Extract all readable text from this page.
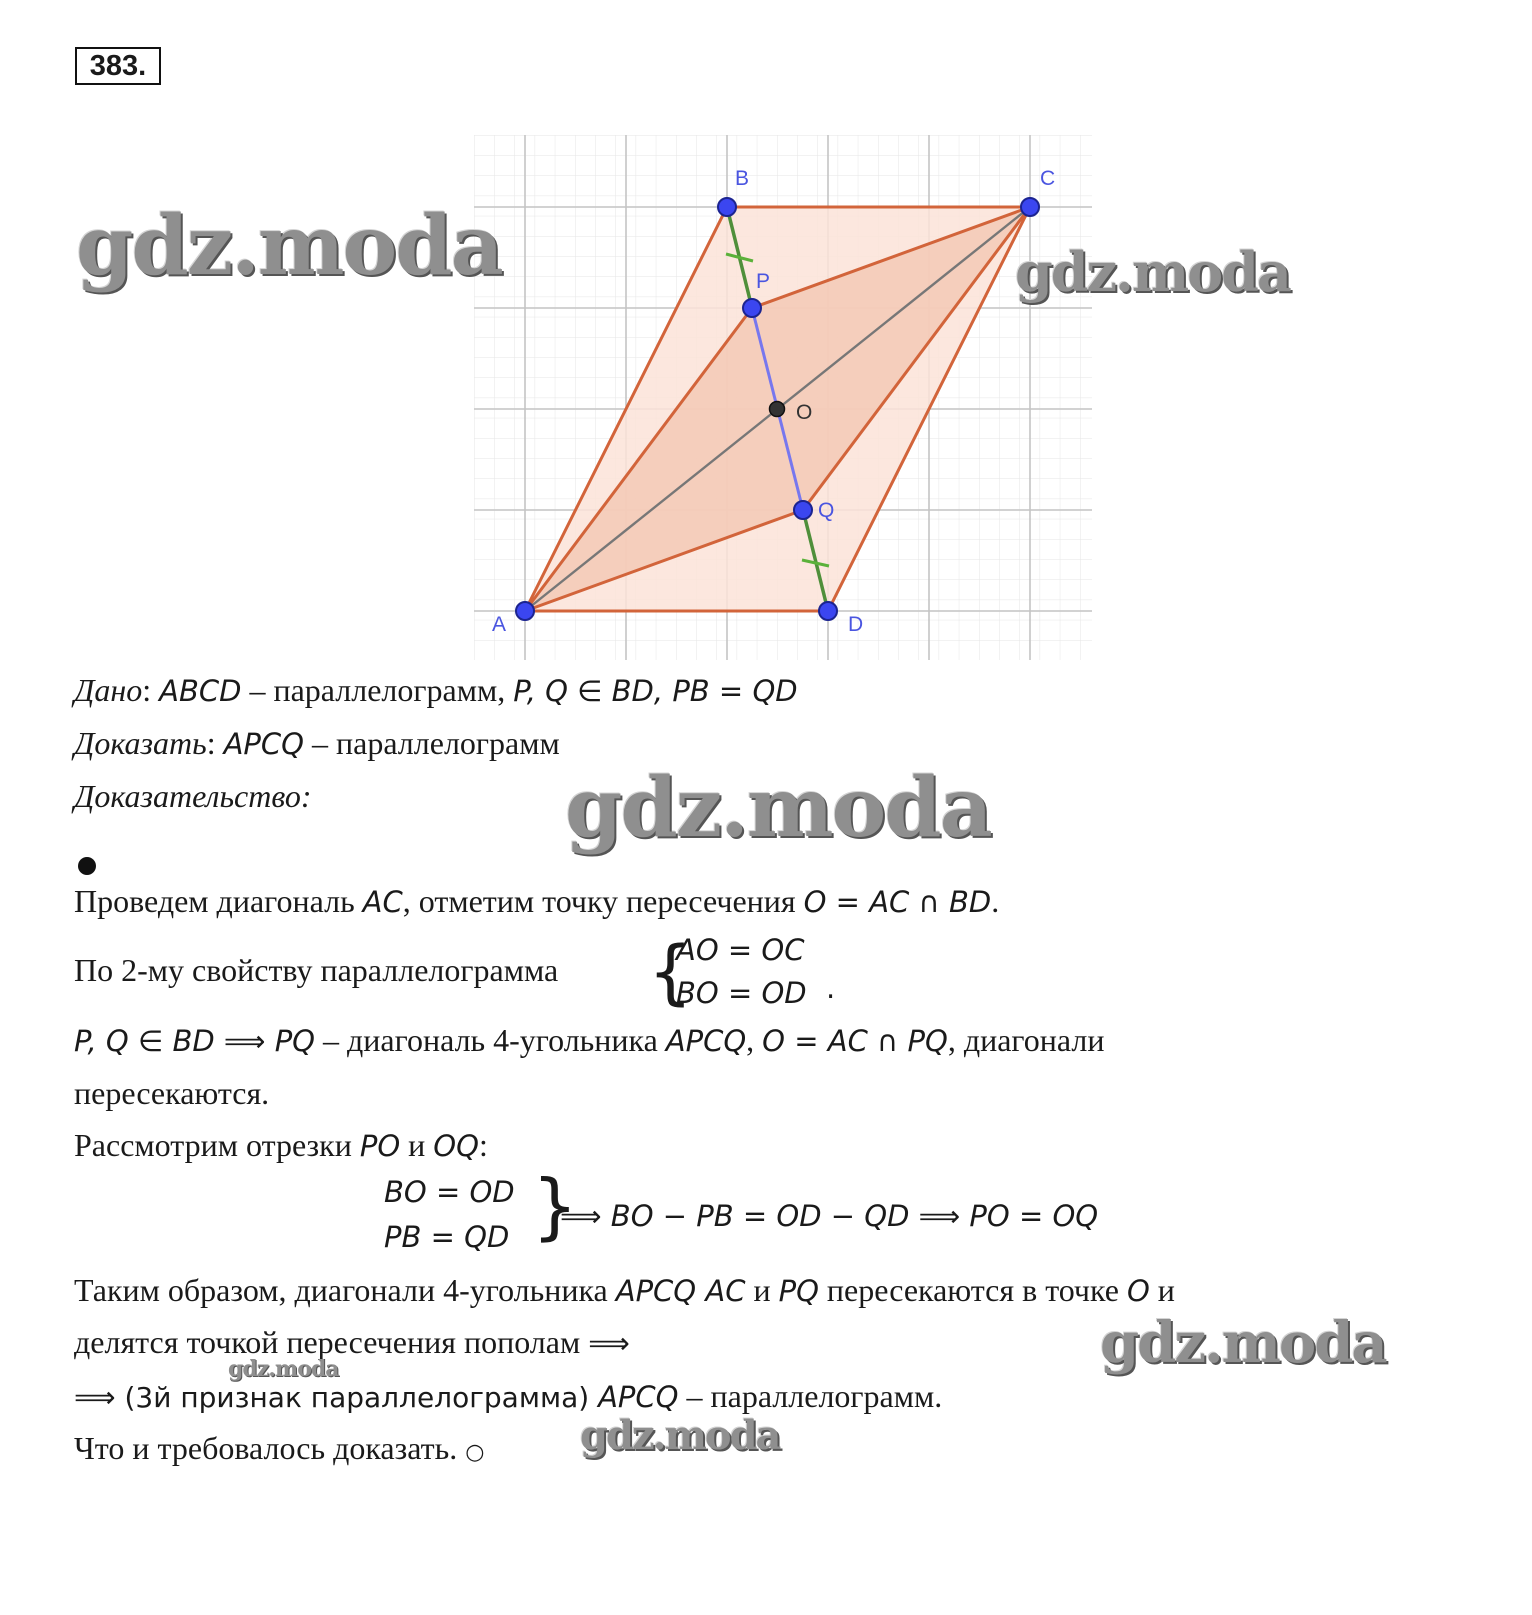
383.
A
B	C
D
P
Q
O
Дано: ABCD – параллелограмм, P, Q ∈ BD, PB = QD
Доказать: APCQ – параллелограмм
Доказательство:
Проведем диагональ AC, отметим точку пересечения O = AC ∩ BD.
По 2-му свойству параллелограмма {
AO = OC
BO = OD .
P, Q ∈ BD ⟹ PQ – диагональ 4-угольника APCQ, O = AC ∩ PQ, диагонали
пересекаются.
Рассмотрим отрезки PO и OQ:
BO = OD
PB = QD }
⟹ BO − PB = OD − QD ⟹ PO = OQ
Таким образом, диагонали 4-угольника APCQ AC и PQ пересекаются в точке O и
делятся точкой пересечения пополам ⟹
⟹ (3й признак параллелограмма) APCQ – параллелограмм.
Что и требовалось доказать. ○
gdz.moda	gdz.moda
gdz.moda
gdz.moda
gdz.moda
gdz.moda
